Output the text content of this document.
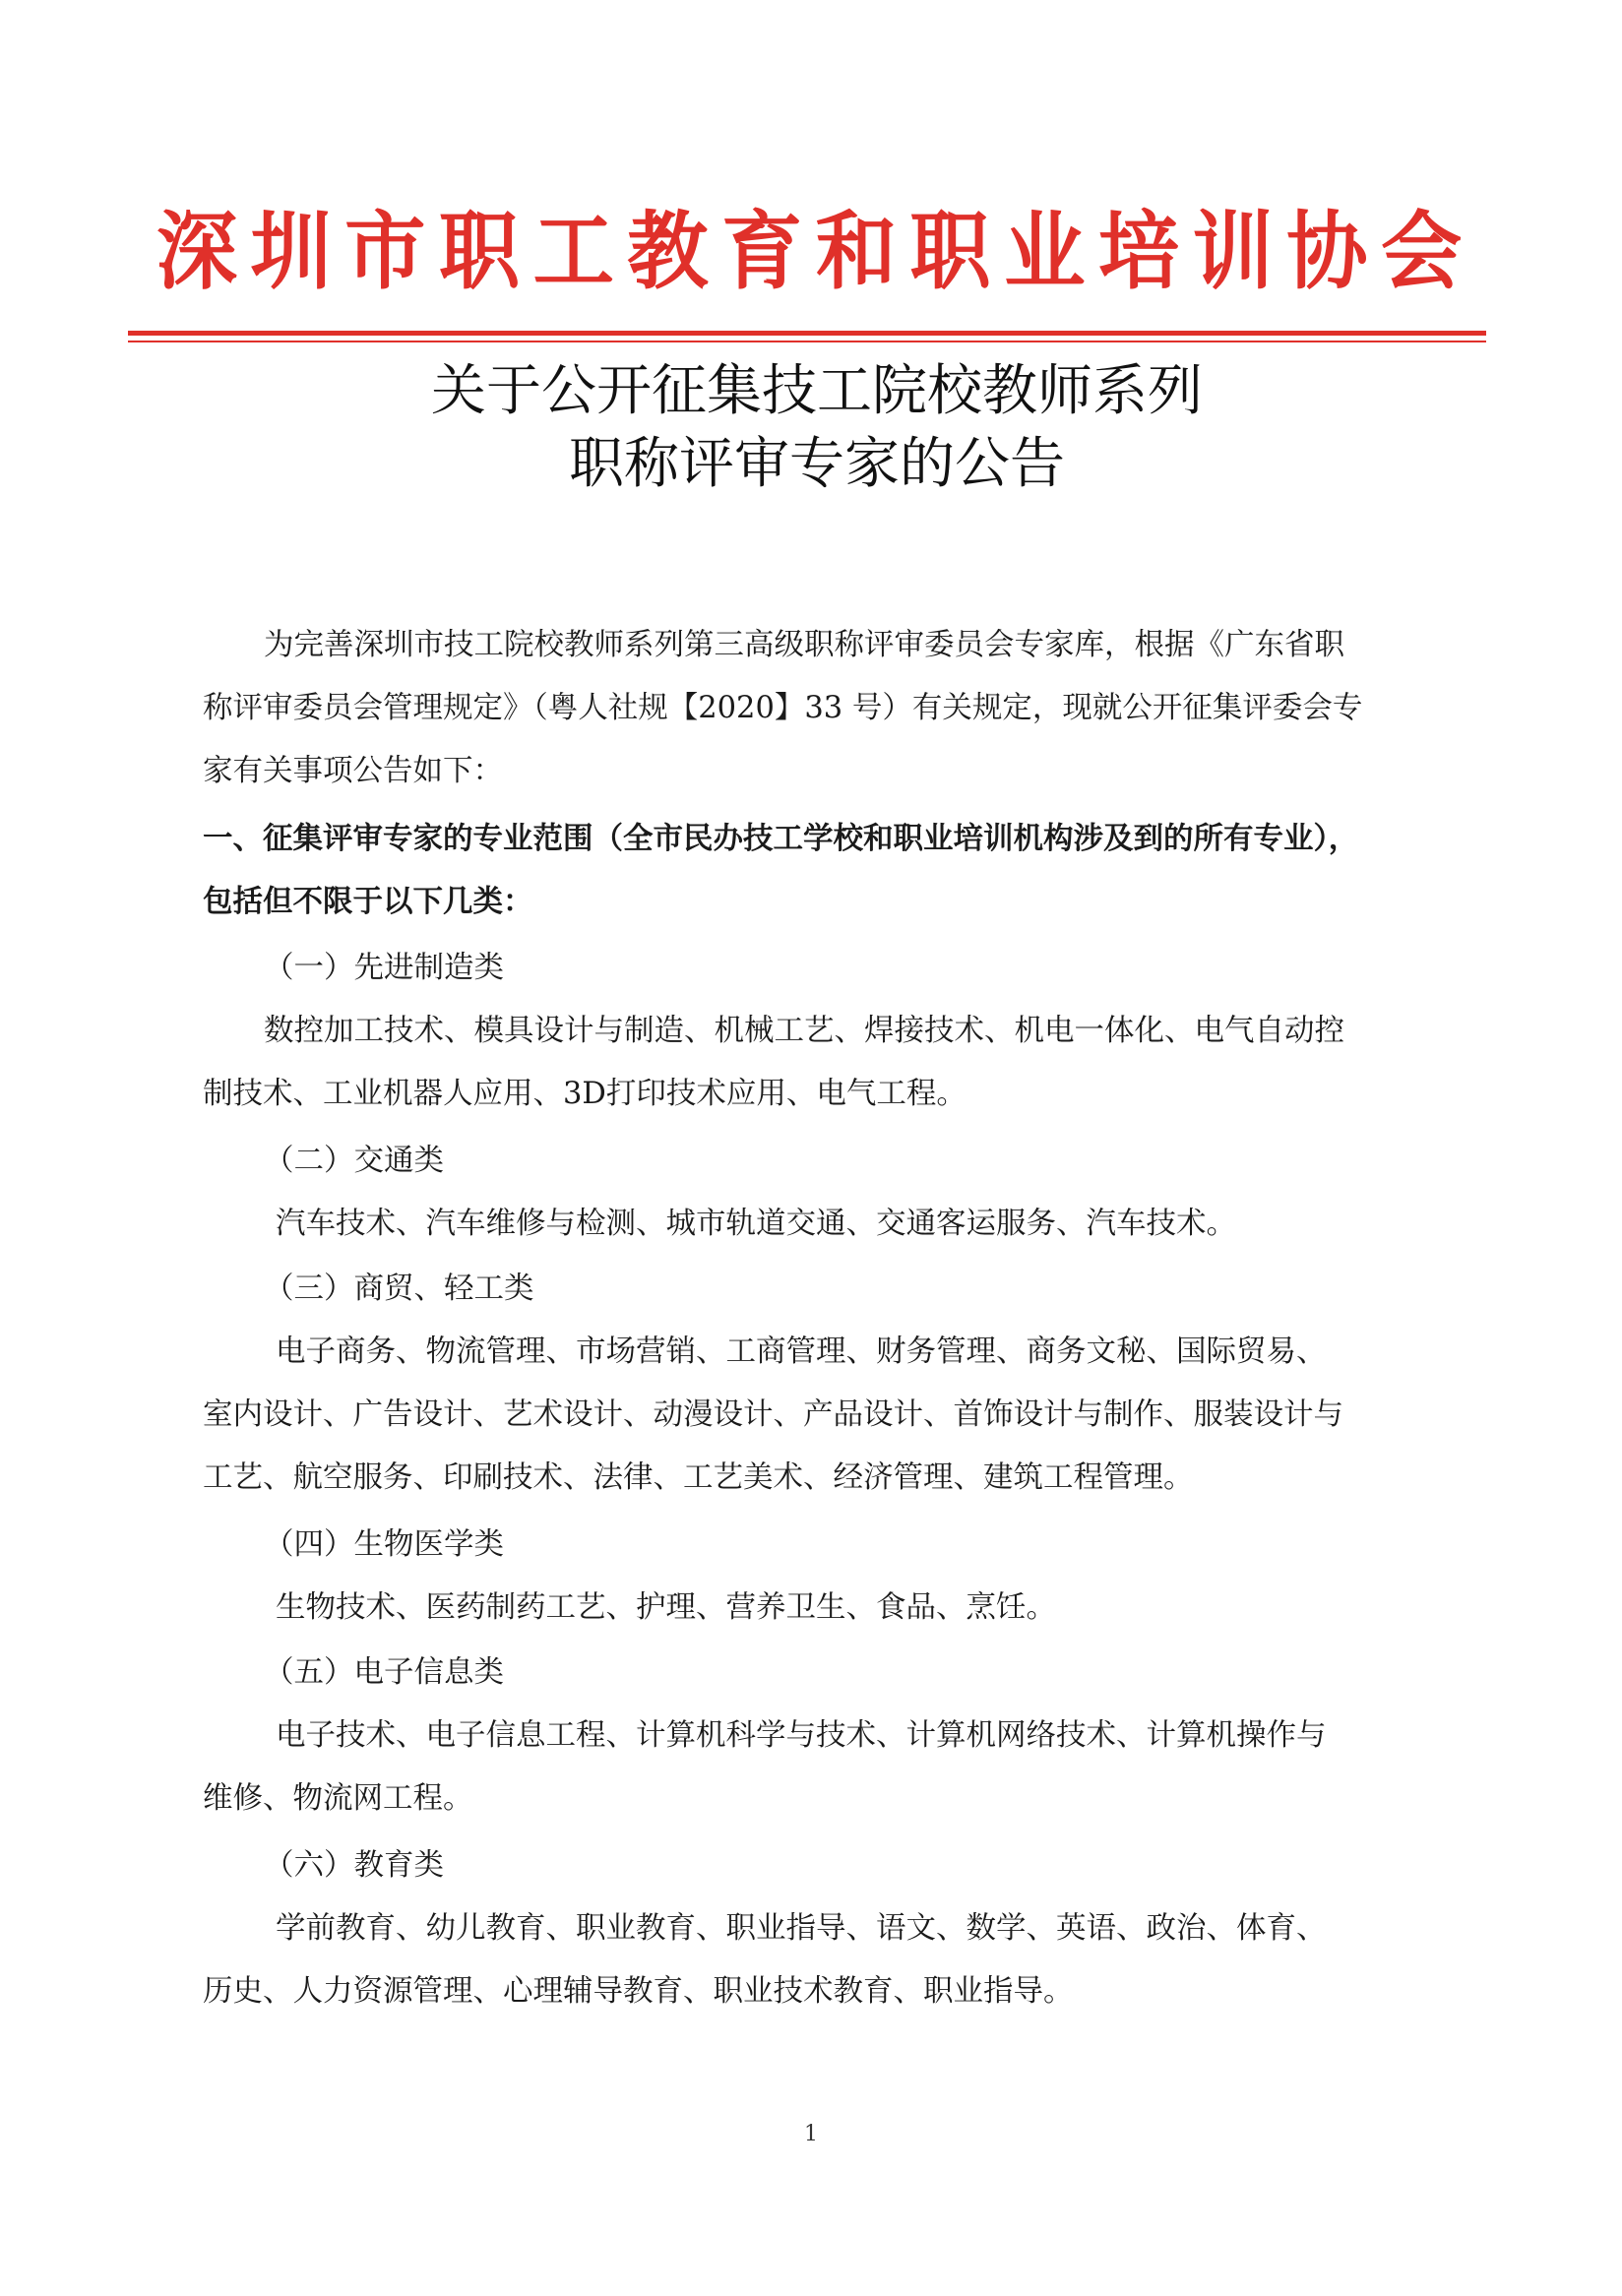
深圳市职工教育和职业培训协会
关于公开征集技工院校教师系列
职称评审专家的公告
为完善深圳市技工院校教师系列第三高级职称评审委员会专家库，根据《广东省职
称评审委员会管理规定》（粤人社规【2020】33 号）有关规定，现就公开征集评委会专
家有关事项公告如下：
一、征集评审专家的专业范围（全市民办技工学校和职业培训机构涉及到的所有专业），
包括但不限于以下几类：
（一）先进制造类
数控加工技术、模具设计与制造、机械工艺、焊接技术、机电一体化、电气自动控
制技术、工业机器人应用、3D打印技术应用、电气工程。
（二）交通类
汽车技术、汽车维修与检测、城市轨道交通、交通客运服务、汽车技术。
（三）商贸、轻工类
电子商务、物流管理、市场营销、工商管理、财务管理、商务文秘、国际贸易、
室内设计、广告设计、艺术设计、动漫设计、产品设计、首饰设计与制作、服装设计与
工艺、航空服务、印刷技术、法律、工艺美术、经济管理、建筑工程管理。
（四）生物医学类
生物技术、医药制药工艺、护理、营养卫生、食品、烹饪。
（五）电子信息类
电子技术、电子信息工程、计算机科学与技术、计算机网络技术、计算机操作与
维修、物流网工程。
（六）教育类
学前教育、幼儿教育、职业教育、职业指导、语文、数学、英语、政治、体育、
历史、人力资源管理、心理辅导教育、职业技术教育、职业指导。
1
